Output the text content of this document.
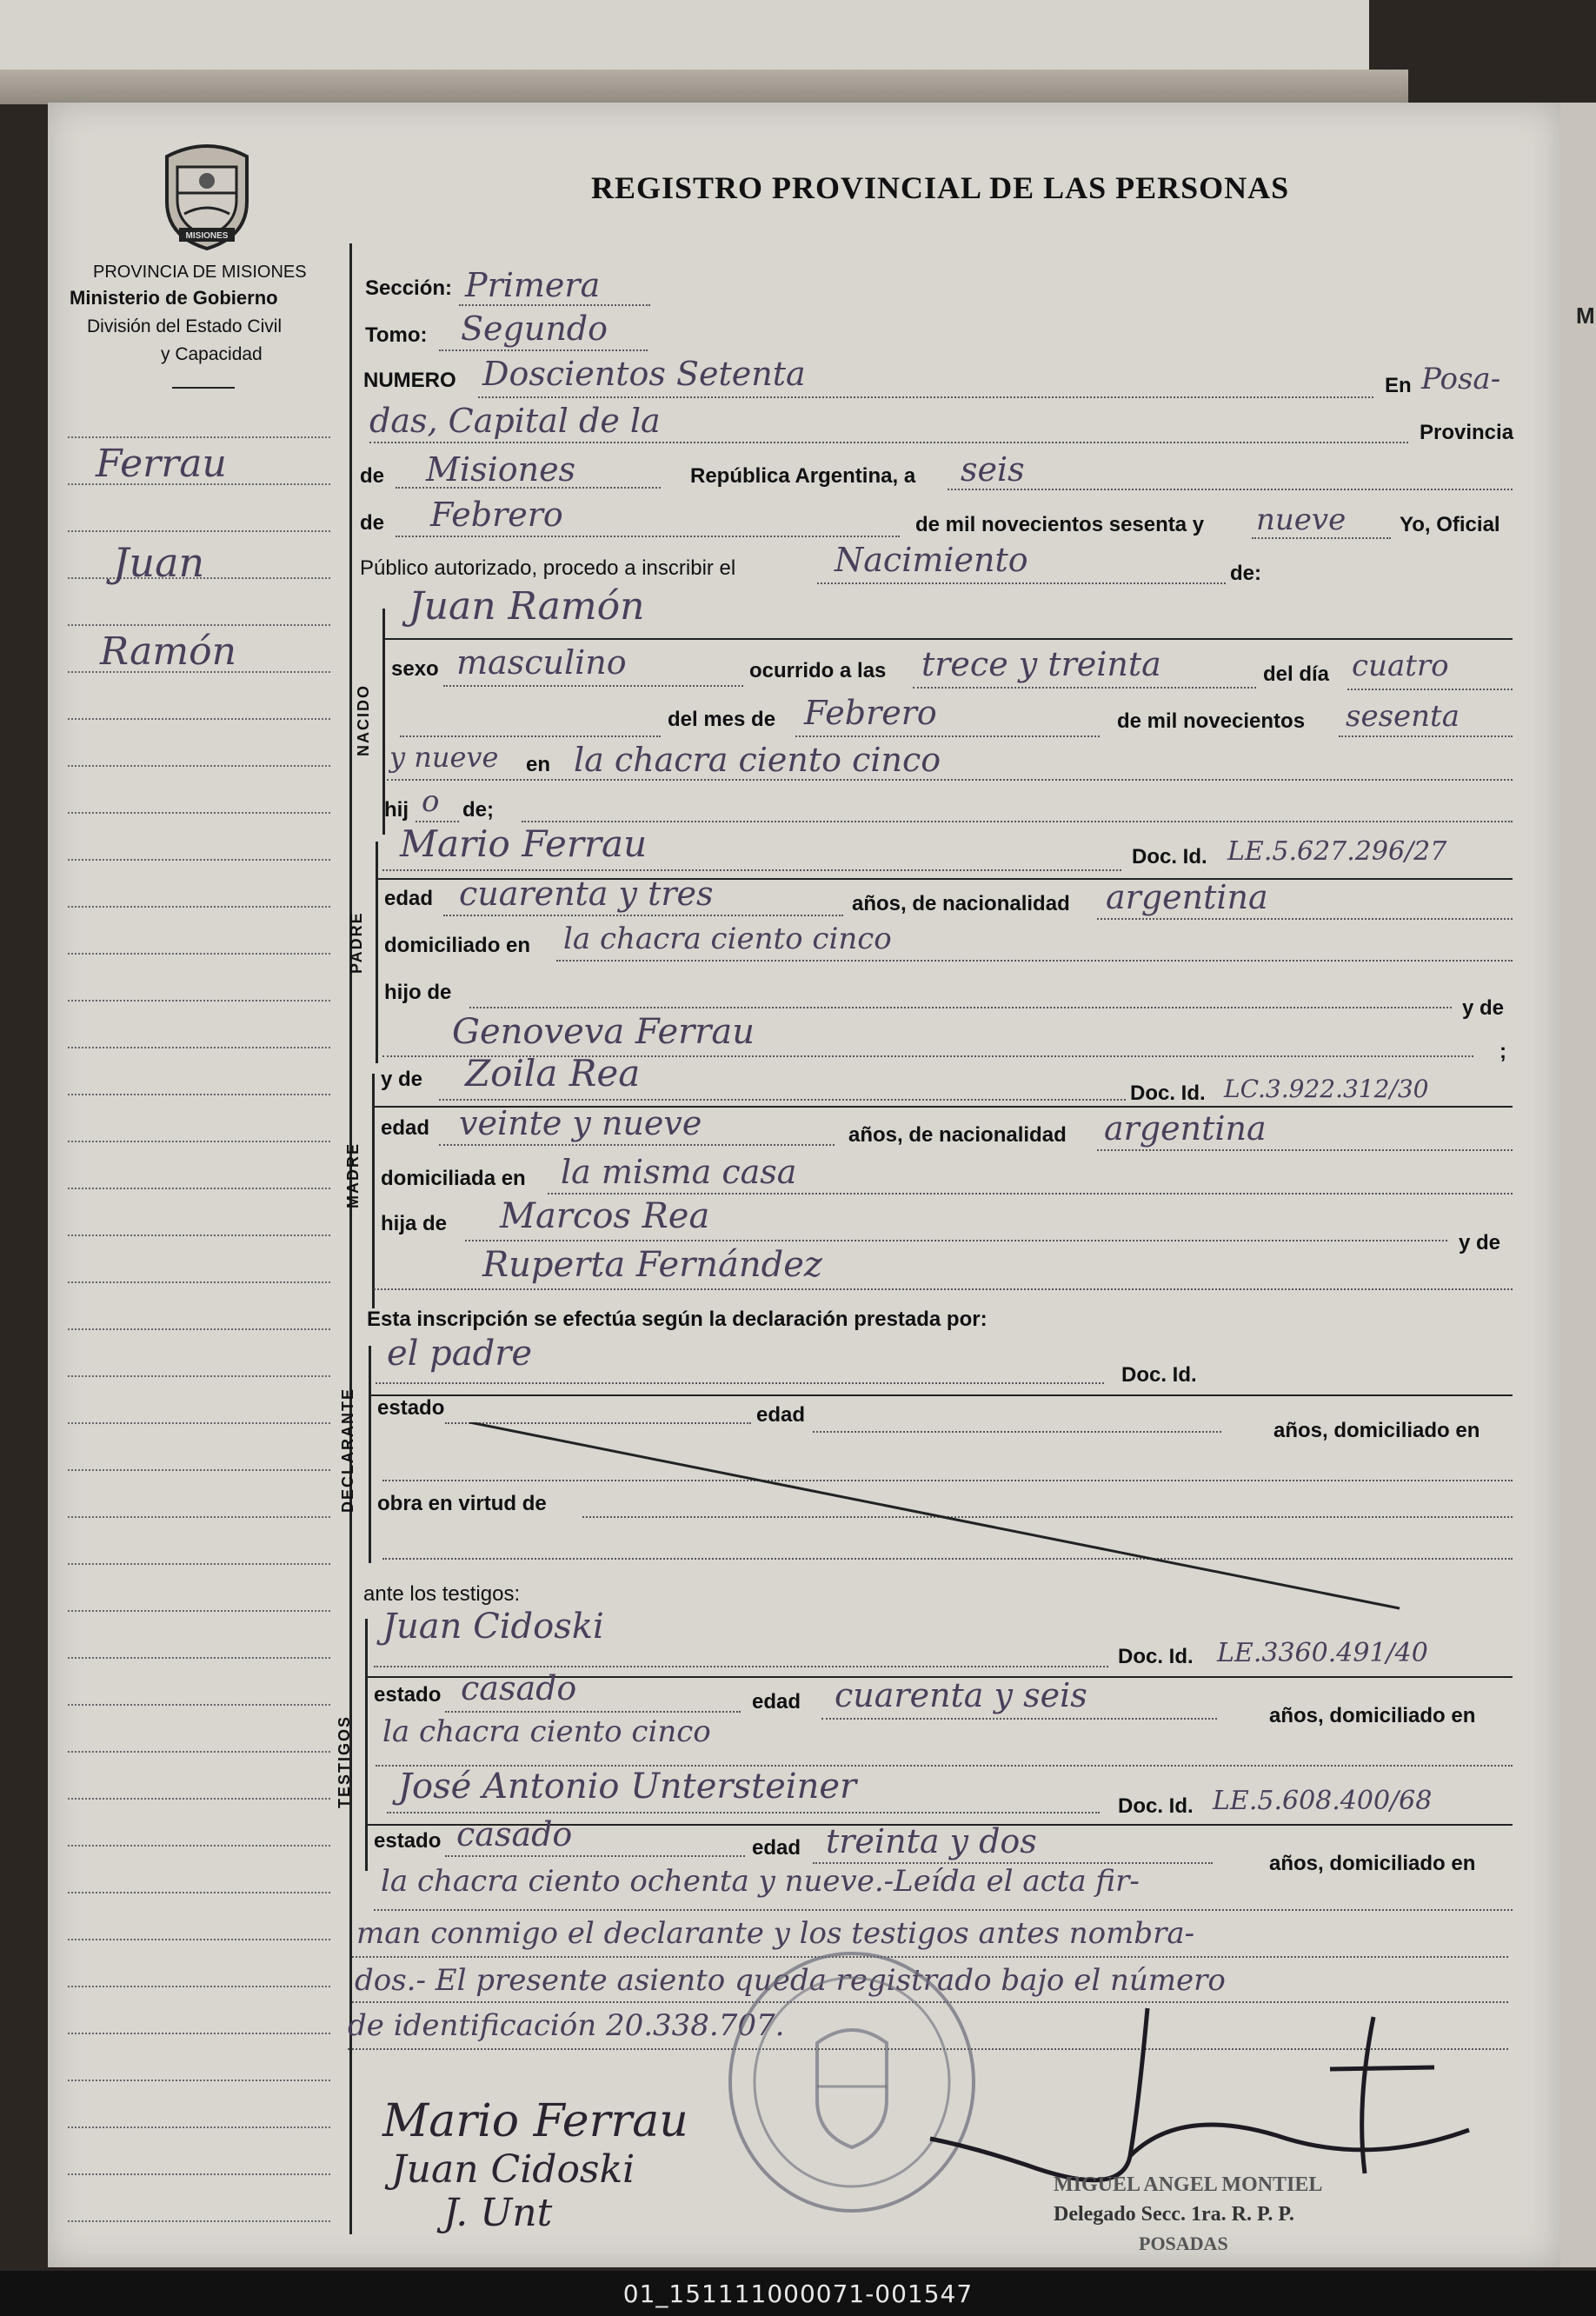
M
MISIONES
PROVINCIA DE MISIONES
Ministerio de Gobierno
División del Estado Civil
y Capacidad
REGISTRO PROVINCIAL DE LAS PERSONAS
Ferrau
Juan
Ramón
Sección: Primera
Tomo: Segundo
NUMERO Doscientos Setenta	En Posa-
das, Capital de la	Provincia
de Misiones	República Argentina, a seis
de Febrero	de mil novecientos sesenta y nueve	Yo, Oficial
Público autorizado, procedo a inscribir el	Nacimiento	de:
NACIDO
Juan Ramón
sexo masculino	ocurrido a las trece y treinta	del día cuatro
del mes de Febrero	de mil novecientos sesenta
y nueve en la chacra ciento cinco
hij o de;
PADRE
Mario Ferrau	Doc. Id. LE.5.627.296/27
edad cuarenta y tres	años, de nacionalidad argentina
domiciliado en la chacra ciento cinco
hijo de
y de
Genoveva Ferrau	;
MADRE
y de Zoila Rea	Doc. Id. LC.3.922.312/30
edad veinte y nueve	años, de nacionalidad argentina
domiciliada en la misma casa
hija de Marcos Rea
y de
Ruperta Fernández
Esta inscripción se efectúa según la declaración prestada por:
DECLARANTE
el padre
Doc. Id.
estado	edad
años, domiciliado en
obra en virtud de
ante los testigos:
TESTIGOS
Juan Cidoski
Doc. Id. LE.3360.491/40
estado casado	edad cuarenta y seis
años, domiciliado en
la chacra ciento cinco
José Antonio Untersteiner	Doc. Id. LE.5.608.400/68
estado casado	edad treinta y dos
años, domiciliado en
la chacra ciento ochenta y nueve.-Leída el acta fir-
man conmigo el declarante y los testigos antes nombra-
dos.- El presente asiento queda registrado bajo el número
de identificación 20.338.707.
Mario Ferrau
Juan Cidoski
J. Unt
MIGUEL ANGEL MONTIEL
Delegado Secc. 1ra. R. P. P.
POSADAS
01_151111000071-001547
